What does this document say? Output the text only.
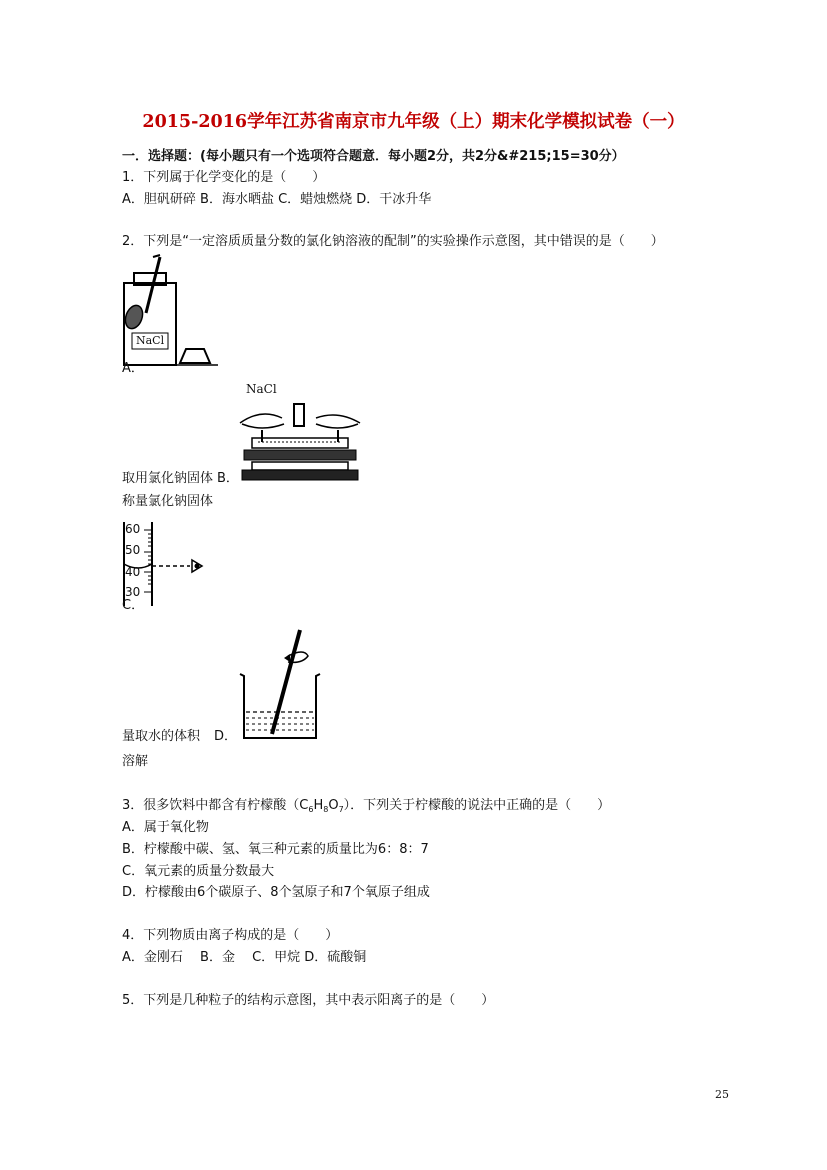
2015-2016学年江苏省南京市九年级（上）期末化学模拟试卷（一）
一．选择题：(每小题只有一个选项符合题意．每小题2分，共2分&#215;15=30分）
1．下列属于化学变化的是（　　）
A．胆矾研碎 B．海水晒盐 C．蜡烛燃烧 D．干冰升华
2．下列是“一定溶质质量分数的氯化钠溶液的配制”的实验操作示意图，其中错误的是（　　）
NaCl
A．
NaCl
取用氯化钠固体 B．
称量氯化钠固体
60
50
40
30
C．
量取水的体积 D．
溶解
3．很多饮料中都含有柠檬酸$(C_6H_8O_7)$．下列关于柠檬酸的说法中正确的是（　　）
A．属于氧化物
B．柠檬酸中碳、氢、氧三种元素的质量比为6：8：7
C．氧元素的质量分数最大
D．柠檬酸由6个碳原子、8个氢原子和7个氧原子组成
4．下列物质由离子构成的是（　　）
A．金刚石　 B．金　 C．甲烷 D．硫酸铜
5．下列是几种粒子的结构示意图，其中表示阳离子的是（　　）
25
